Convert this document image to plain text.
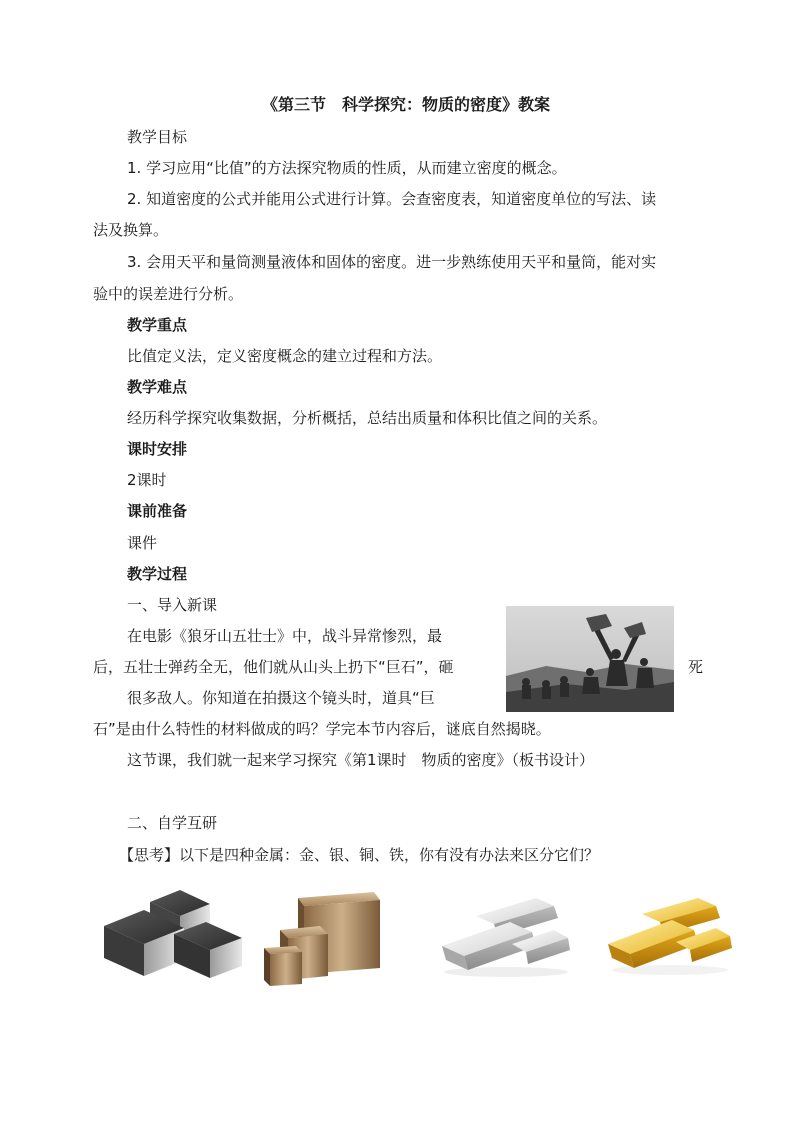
《第三节　科学探究：物质的密度》教案
教学目标
1. 学习应用“比值”的方法探究物质的性质，从而建立密度的概念。
2. 知道密度的公式并能用公式进行计算。会查密度表，知道密度单位的写法、读
法及换算。
3. 会用天平和量筒测量液体和固体的密度。进一步熟练使用天平和量筒，能对实
验中的误差进行分析。
教学重点
比值定义法，定义密度概念的建立过程和方法。
教学难点
经历科学探究收集数据，分析概括，总结出质量和体积比值之间的关系。
课时安排
2课时
课前准备
课件
教学过程
一、导入新课
在电影《狼牙山五壮士》中，战斗异常惨烈，最
后，五壮士弹药全无，他们就从山头上扔下“巨石”，砸	死
很多敌人。你知道在拍摄这个镜头时，道具“巨
石”是由什么特性的材料做成的吗？学完本节内容后，谜底自然揭晓。
这节课，我们就一起来学习探究《第1课时　物质的密度》（板书设计）
二、自学互研
【思考】以下是四种金属：金、银、铜、铁，你有没有办法来区分它们？
